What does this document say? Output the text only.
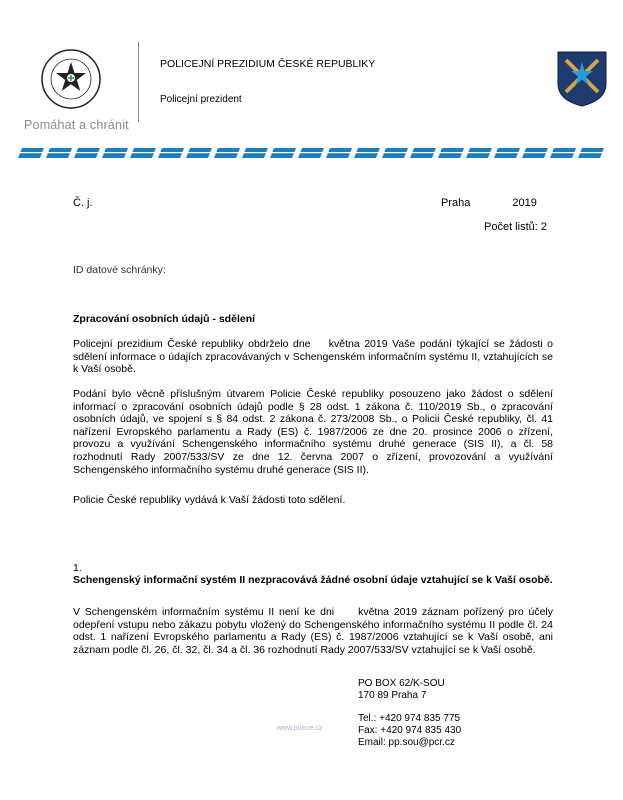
Pomáhat a chránit
POLICEJNÍ PREZIDIUM ČESKÉ REPUBLIKY
Policejní prezident
Č. j.	Praha	2019
Počet listů: 2
ID datové schránky:
Zpracování osobních údajů - sdělení
Policejní prezidium České republiky obdrželo dne    května 2019 Vaše podání týkající se žádosti o sdělení informace o údajích zpracovávaných v Schengenském informačním systému II, vztahujících se k Vaší osobě.
Podání bylo věcně příslušným útvarem Policie České republiky posouzeno jako žádost o sdělení informací o zpracování osobních údajů podle § 28 odst. 1 zákona č. 110/2019 Sb., o zpracování osobních údajů, ve spojení s § 84 odst. 2 zákona č. 273/2008 Sb., o Policii České republiky, čl. 41 nařízení Evropského parlamentu a Rady (ES) č. 1987/2006 ze dne 20. prosince 2006 o zřízení, provozu a využívání Schengenského informačního systému druhé generace (SIS II), a čl. 58 rozhodnutí Rady 2007/533/SV ze dne 12. června 2007 o zřízení, provozování a využívání Schengenského informačního systému druhé generace (SIS II).
Policie České republiky vydává k Vaší žádosti toto sdělení.
1.
Schengenský informační systém II nezpracovává žádné osobní údaje vztahující se k Vaší osobě.
V Schengenském informačním systému II není ke dni     května 2019 záznam pořízený pro účely odepření vstupu nebo zákazu pobytu vložený do Schengenského informačního systému II podle čl. 24 odst. 1 nařízení Evropského parlamentu a Rady (ES) č. 1987/2006 vztahující se k Vaší osobě, ani záznam podle čl. 26, čl. 32, čl. 34 a čl. 36 rozhodnutí Rady 2007/533/SV vztahující se k Vaší osobě.
www.policie.cz
PO BOX 62/K-SOU
170 89 Praha 7
Tel.: +420 974 835 775
Fax: +420 974 835 430
Email: pp.sou@pcr.cz
